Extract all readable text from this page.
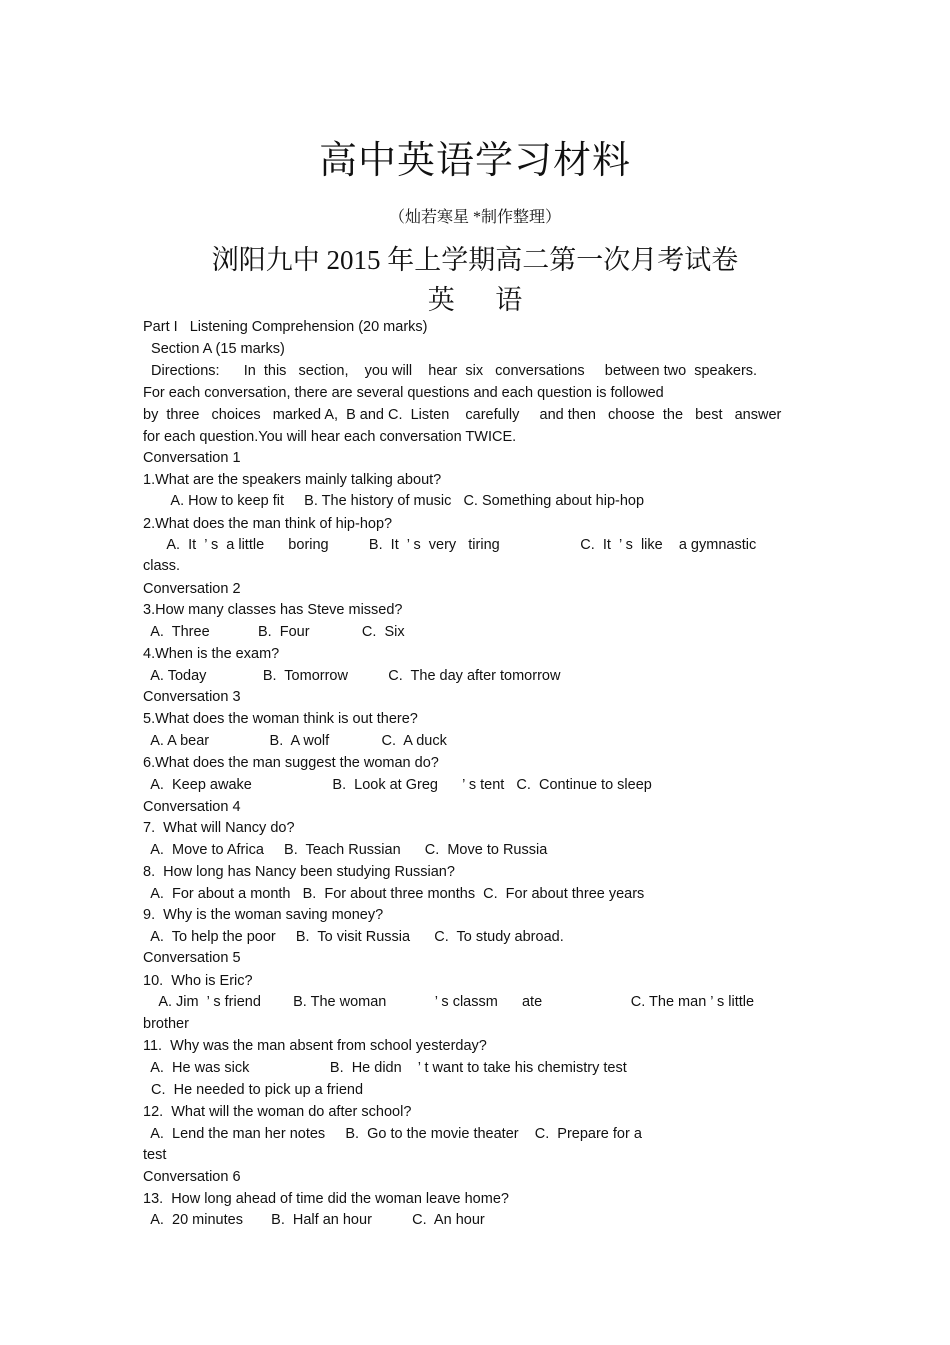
高中英语学习材料
（灿若寒星 *制作整理）
浏阳九中 2015 年上学期高二第一次月考试卷
英      语
Part I   Listening Comprehension (20 marks)
Section A (15 marks)
Directions:      In  this   section,    you will    hear  six   conversations     between two  speakers.
For each conversation, there are several questions and each question is followed
by  three   choices   marked A,  B and C.  Listen    carefully     and then   choose  the   best   answer
for each question.You will hear each conversation TWICE.
Conversation 1
1.What are the speakers mainly talking about?
A. How to keep fit     B. The history of music   C. Something about hip-hop
2.What does the man think of hip-hop?
A.  It  ’ s  a little      boring          B.  It  ’ s  very   tiring                    C.  It  ’ s  like    a gymnastic
class.
Conversation 2
3.How many classes has Steve missed?
A.  Three            B.  Four             C.  Six
4.When is the exam?
A. Today              B.  Tomorrow          C.  The day after tomorrow
Conversation 3
5.What does the woman think is out there?
A. A bear               B.  A wolf             C.  A duck
6.What does the man suggest the woman do?
A.  Keep awake                    B.  Look at Greg      ’ s tent   C.  Continue to sleep
Conversation 4
7.  What will Nancy do?
A.  Move to Africa     B.  Teach Russian      C.  Move to Russia
8.  How long has Nancy been studying Russian?
A.  For about a month   B.  For about three months  C.  For about three years
9.  Why is the woman saving money?
A.  To help the poor     B.  To visit Russia      C.  To study abroad.
Conversation 5
10.  Who is Eric?
A. Jim  ’ s friend        B. The woman            ’ s classm      ate                      C. The man ’ s little
brother
11.  Why was the man absent from school yesterday?
A.  He was sick                    B.  He didn    ’ t want to take his chemistry test
C.  He needed to pick up a friend
12.  What will the woman do after school?
A.  Lend the man her notes     B.  Go to the movie theater    C.  Prepare for a
test
Conversation 6
13.  How long ahead of time did the woman leave home?
A.  20 minutes       B.  Half an hour          C.  An hour
